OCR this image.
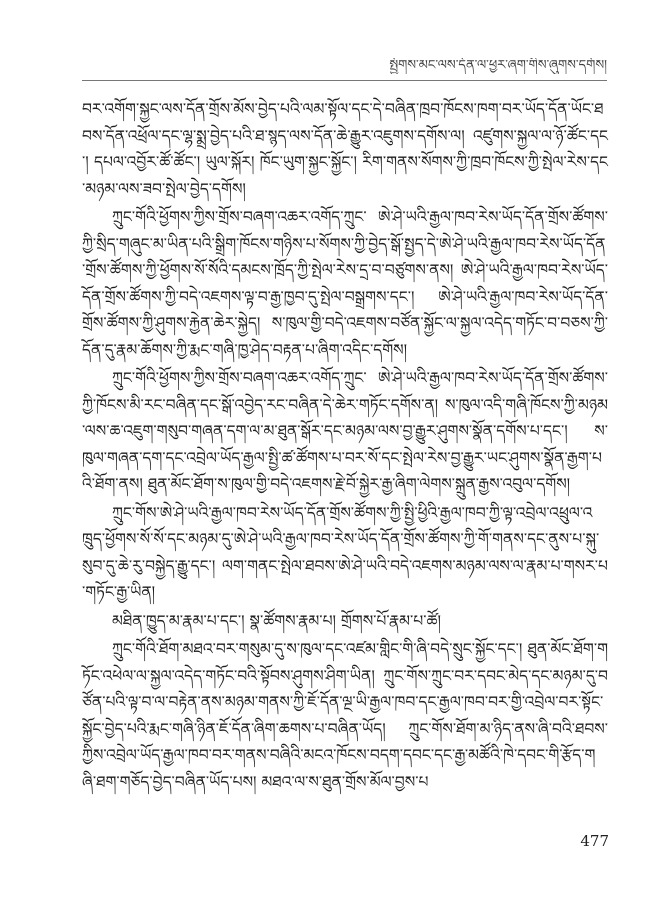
སྤྱོགས་མང་ལས་དོན་ལ་ཕྱར་ཞག་གིས་ཞུགས་དགོས།

བར་འགོག་སྐྱང་ལས་དོན་གྲོས་མོས་བྱེད་པའི་ལམ་སྟོལ་དང་དེ་བཞིན་ཁྲབ་ཁོངས་ཁག་བར་ཡོད་དོན་ཡོང་ཐབས་དོན་འཕྲོལ་དང་ལྷ་སྨྲ་བྱེད་པའི་ཐ་སྙད་ལས་དོན་ཆེ་རྒྱུར་འཇུགས་དགོས་ལ། འཛུགས་སྐྱལ་ལ་ཉོ་ཚོང་དང་། དཔལ་འབྱོར་ཚོ་ཚོང་། ཡུལ་སྐོར། ཁོང་ཡུག་སྐྱང་སྐྱོང་། རིག་གནས་སོགས་ཀྱི་ཁྲབ་ཁོངས་ཀྱི་སྤེལ་རེས་དང་མཉམ་ལས་ཟབ་སྤེལ་བྱེད་དགོས།

ཀྲུང་གོའི་ཕྱོགས་ཀྱིས་གྲོས་བཞག་འཆར་འགོད་ཀྲུང་ ཨེ་ཤེ་ཡའི་རྒྱལ་ཁབ་རེས་ཡོད་དོན་གྲོས་ཚོགས་ཀྱི་སྲིད་གཞུང་མ་ཡིན་པའི་སྒྲིག་ཁོངས་གཉིས་པ་སོགས་ཀྱི་བྱེད་སྒོ་སྤྱད་དེ་ཨེ་ཤེ་ཡའི་རྒྱལ་ཁབ་རེས་ཡོད་དོན་གྲོས་ཚོགས་ཀྱི་ཕྱོགས་སོ་སོའི་དམངས་ཁྲོད་ཀྱི་སྤེལ་རེས་དྲ་བ་བཙུགས་ནས། ཨེ་ཤེ་ཡའི་རྒྱལ་ཁབ་རེས་ཡོད་དོན་གྲོས་ཚོགས་ཀྱི་བདེ་འཇགས་ལྟ་བ་རྒྱ་ཁྱབ་དུ་སྤེལ་བསྒྲགས་དང་། ཨེ་ཤེ་ཡའི་རྒྱལ་ཁབ་རེས་ཡོད་དོན་གྲོས་ཚོགས་ཀྱི་ཤུགས་རྐྱེན་ཆེར་སྐྱེད། ས་ཁུལ་གྱི་བདེ་འཇགས་བཙོན་སྐྱོང་ལ་སྐྱལ་འདེད་གཏོང་བ་བཅས་ཀྱི་དོན་དུ་རྣམ་ཆོགས་ཀྱི་རྨང་གཞི་ཁྱ་ཤེད་བརྟན་པ་ཞིག་འདིང་དགོས།

ཀྲུང་གོའི་ཕྱོགས་ཀྱིས་གྲོས་བཞག་འཆར་འགོད་ཀྲུང་ ཨེ་ཤེ་ཡའི་རྒྱལ་ཁབ་རེས་ཡོད་དོན་གྲོས་ཚོགས་ཀྱི་ཁོངས་མི་རང་བཞིན་དང་སྒོ་འབྱེད་རང་བཞིན་དེ་ཆེར་གཏོང་དགོས་ན། ས་ཁུལ་འདི་གཞི་ཁོངས་ཀྱི་མཉམ་ལས་ཆ་འཇུག་གསུབ་གཞན་དག་ལ་མ་ཐུན་སྒོར་དང་མཉམ་ལས་བྱ་རྒྱུར་ཤུགས་སྣོན་དགོས་པ་དང་། ས་ཁུལ་གཞན་དག་དང་འབྲེལ་ཡོད་རྒྱལ་སྤྱི་ཚ་ཚོགས་པ་བར་སོ་དང་སྤེལ་རེས་བྱ་རྒྱུར་ཡང་ཤུགས་སྣོན་རྒྱག་པའི་ཐོག་ནས། ཐུན་མོང་ཐོག་ས་ཁུལ་གྱི་བདེ་འཇགས་རྗེ་བོ་སྐྱེར་རྒྱ་ཞིག་ལེགས་སྐྲུན་རྒྱས་འབུལ་དགོས།

ཀྲུང་གོས་ཨེ་ཤེ་ཡའི་རྒྱལ་ཁབ་རེས་ཡོད་དོན་གྲོས་ཚོགས་ཀྱི་སྤྱི་ཕྱིའི་རྒྱལ་ཁབ་ཀྱི་ལྟ་འབྲེལ་འཕྲུལ་འཁྲུད་ཕྱོགས་སོ་སོ་དང་མཉམ་དུ་ཨེ་ཤེ་ཡའི་རྒྱལ་ཁབ་རེས་ཡོད་དོན་གྲོས་ཚོགས་ཀྱི་གོ་གནས་དང་ནུས་པ་སྐུ་སུབ་དུ་ཆེ་རུ་བསྐྱེད་རྒྱུ་དང་། ལག་གནང་སྤེལ་ཐབས་ཨེ་ཤེ་ཡའི་བདེ་འཇགས་མཉམ་ལས་ལ་རྣམ་པ་གསར་པ་གཏོང་རྒྱ་ཡིན།

མཐིན་ཁྱུད་མ་རྣམ་པ་དང་། སྣ་ཚོགས་རྣམ་པ། གྲོགས་པོ་རྣམ་པ་ཚོ།

ཀྲུང་གོའི་ཐོག་མཐའ་བར་གསུམ་དུ་ས་ཁུལ་དང་འཛམ་གླིང་གི་ཞི་བདེ་སྲུང་སྐྱོང་དང་། ཐུན་མོང་ཐོག་གཏོང་འཕེལ་ལ་སྐྱལ་འདེད་གཏོང་བའི་སྟོབས་ཤུགས་ཤིག་ཡིན། ཀྲུང་གོས་ཀྲུང་བར་དབང་མེད་དང་མཉམ་དུ་བཙོན་པའི་ལྟ་བ་ལ་བརྟེན་ནས་མཉམ་གནས་ཀྱི་ཇོ་དོན་ལྔ་ཡི་རྒྱལ་ཁབ་དང་རྒྱལ་ཁབ་བར་གྱི་འབྲེལ་བར་སྟོང་སྐྱོང་བྱེད་པའི་རྨང་གཞི་ཉིན་ཇོ་དོན་ཞིག་ཆགས་པ་བཞིན་ཡོད། ཀྲུང་གོས་ཐོག་མ་ཉིད་ནས་ཞི་བའི་ཐབས་ཀྱིས་འབྲེལ་ཡོད་རྒྱལ་ཁབ་བར་གནས་བཞིའི་མངའ་ཁོངས་བདག་དབང་དང་རྒྱ་མཚོའི་ཁེ་དབང་གི་རྩོད་གཞི་ཐག་གཅོད་བྱེད་བཞིན་ཡོད་པས། མཐའ་ལ་ས་ཐུན་གྲོས་མོལ་བྱས་པ

477
